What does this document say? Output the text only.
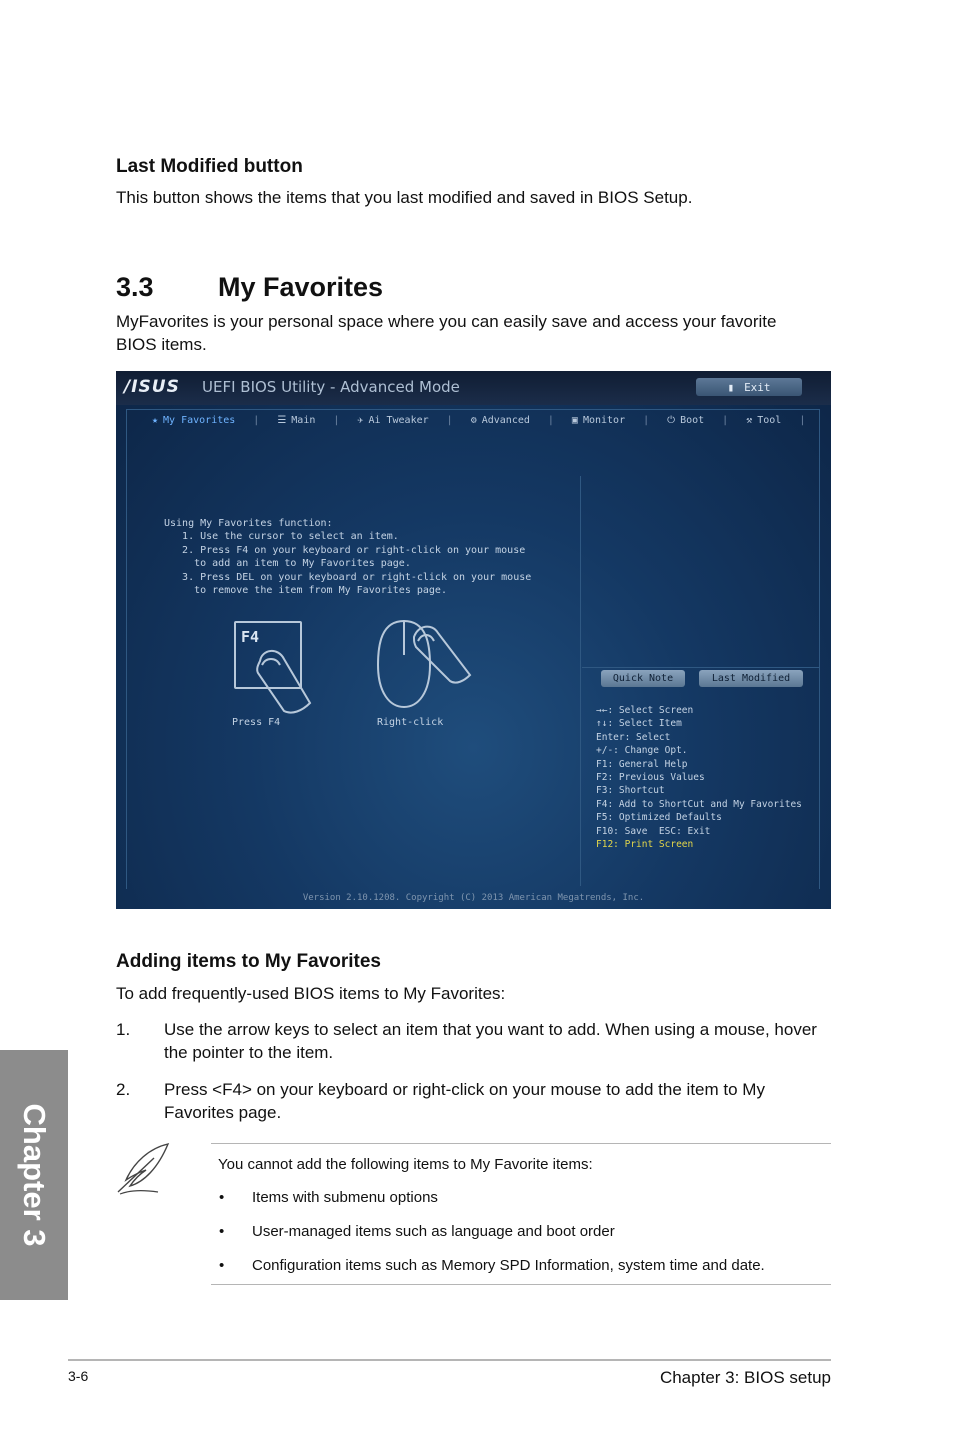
Last Modified button
This button shows the items that you last modified and saved in BIOS Setup.
3.3 My Favorites
MyFavorites is your personal space where you can easily save and access your favorite
BIOS items.
/ISUS UEFI BIOS Utility - Advanced Mode	▮ Exit
★ My Favorites | ☰ Main | ✈ Ai Tweaker | ⚙ Advanced | ▣ Monitor | ⏻ Boot | ⚒ Tool |
Using My Favorites function:
1. Use the cursor to select an item.
2. Press F4 on your keyboard or right-click on your mouse
to add an item to My Favorites page.
3. Press DEL on your keyboard or right-click on your mouse
to remove the item from My Favorites page.
F4
Press F4	Right-click
Quick Note	Last Modified
→←: Select Screen
↑↓: Select Item
Enter: Select
+/-: Change Opt.
F1: General Help
F2: Previous Values
F3: Shortcut
F4: Add to ShortCut and My Favorites
F5: Optimized Defaults
F10: Save  ESC: Exit
F12: Print Screen
Version 2.10.1208. Copyright (C) 2013 American Megatrends, Inc.
Adding items to My Favorites
To add frequently-used BIOS items to My Favorites:
1. Use the arrow keys to select an item that you want to add. When using a mouse, hover
the pointer to the item.
2. Press <F4> on your keyboard or right-click on your mouse to add the item to My
Favorites page.
You cannot add the following items to My Favorite items:
• Items with submenu options
• User-managed items such as language and boot order
• Configuration items such as Memory SPD Information, system time and date.
Chapter 3
3-6	Chapter 3: BIOS setup
